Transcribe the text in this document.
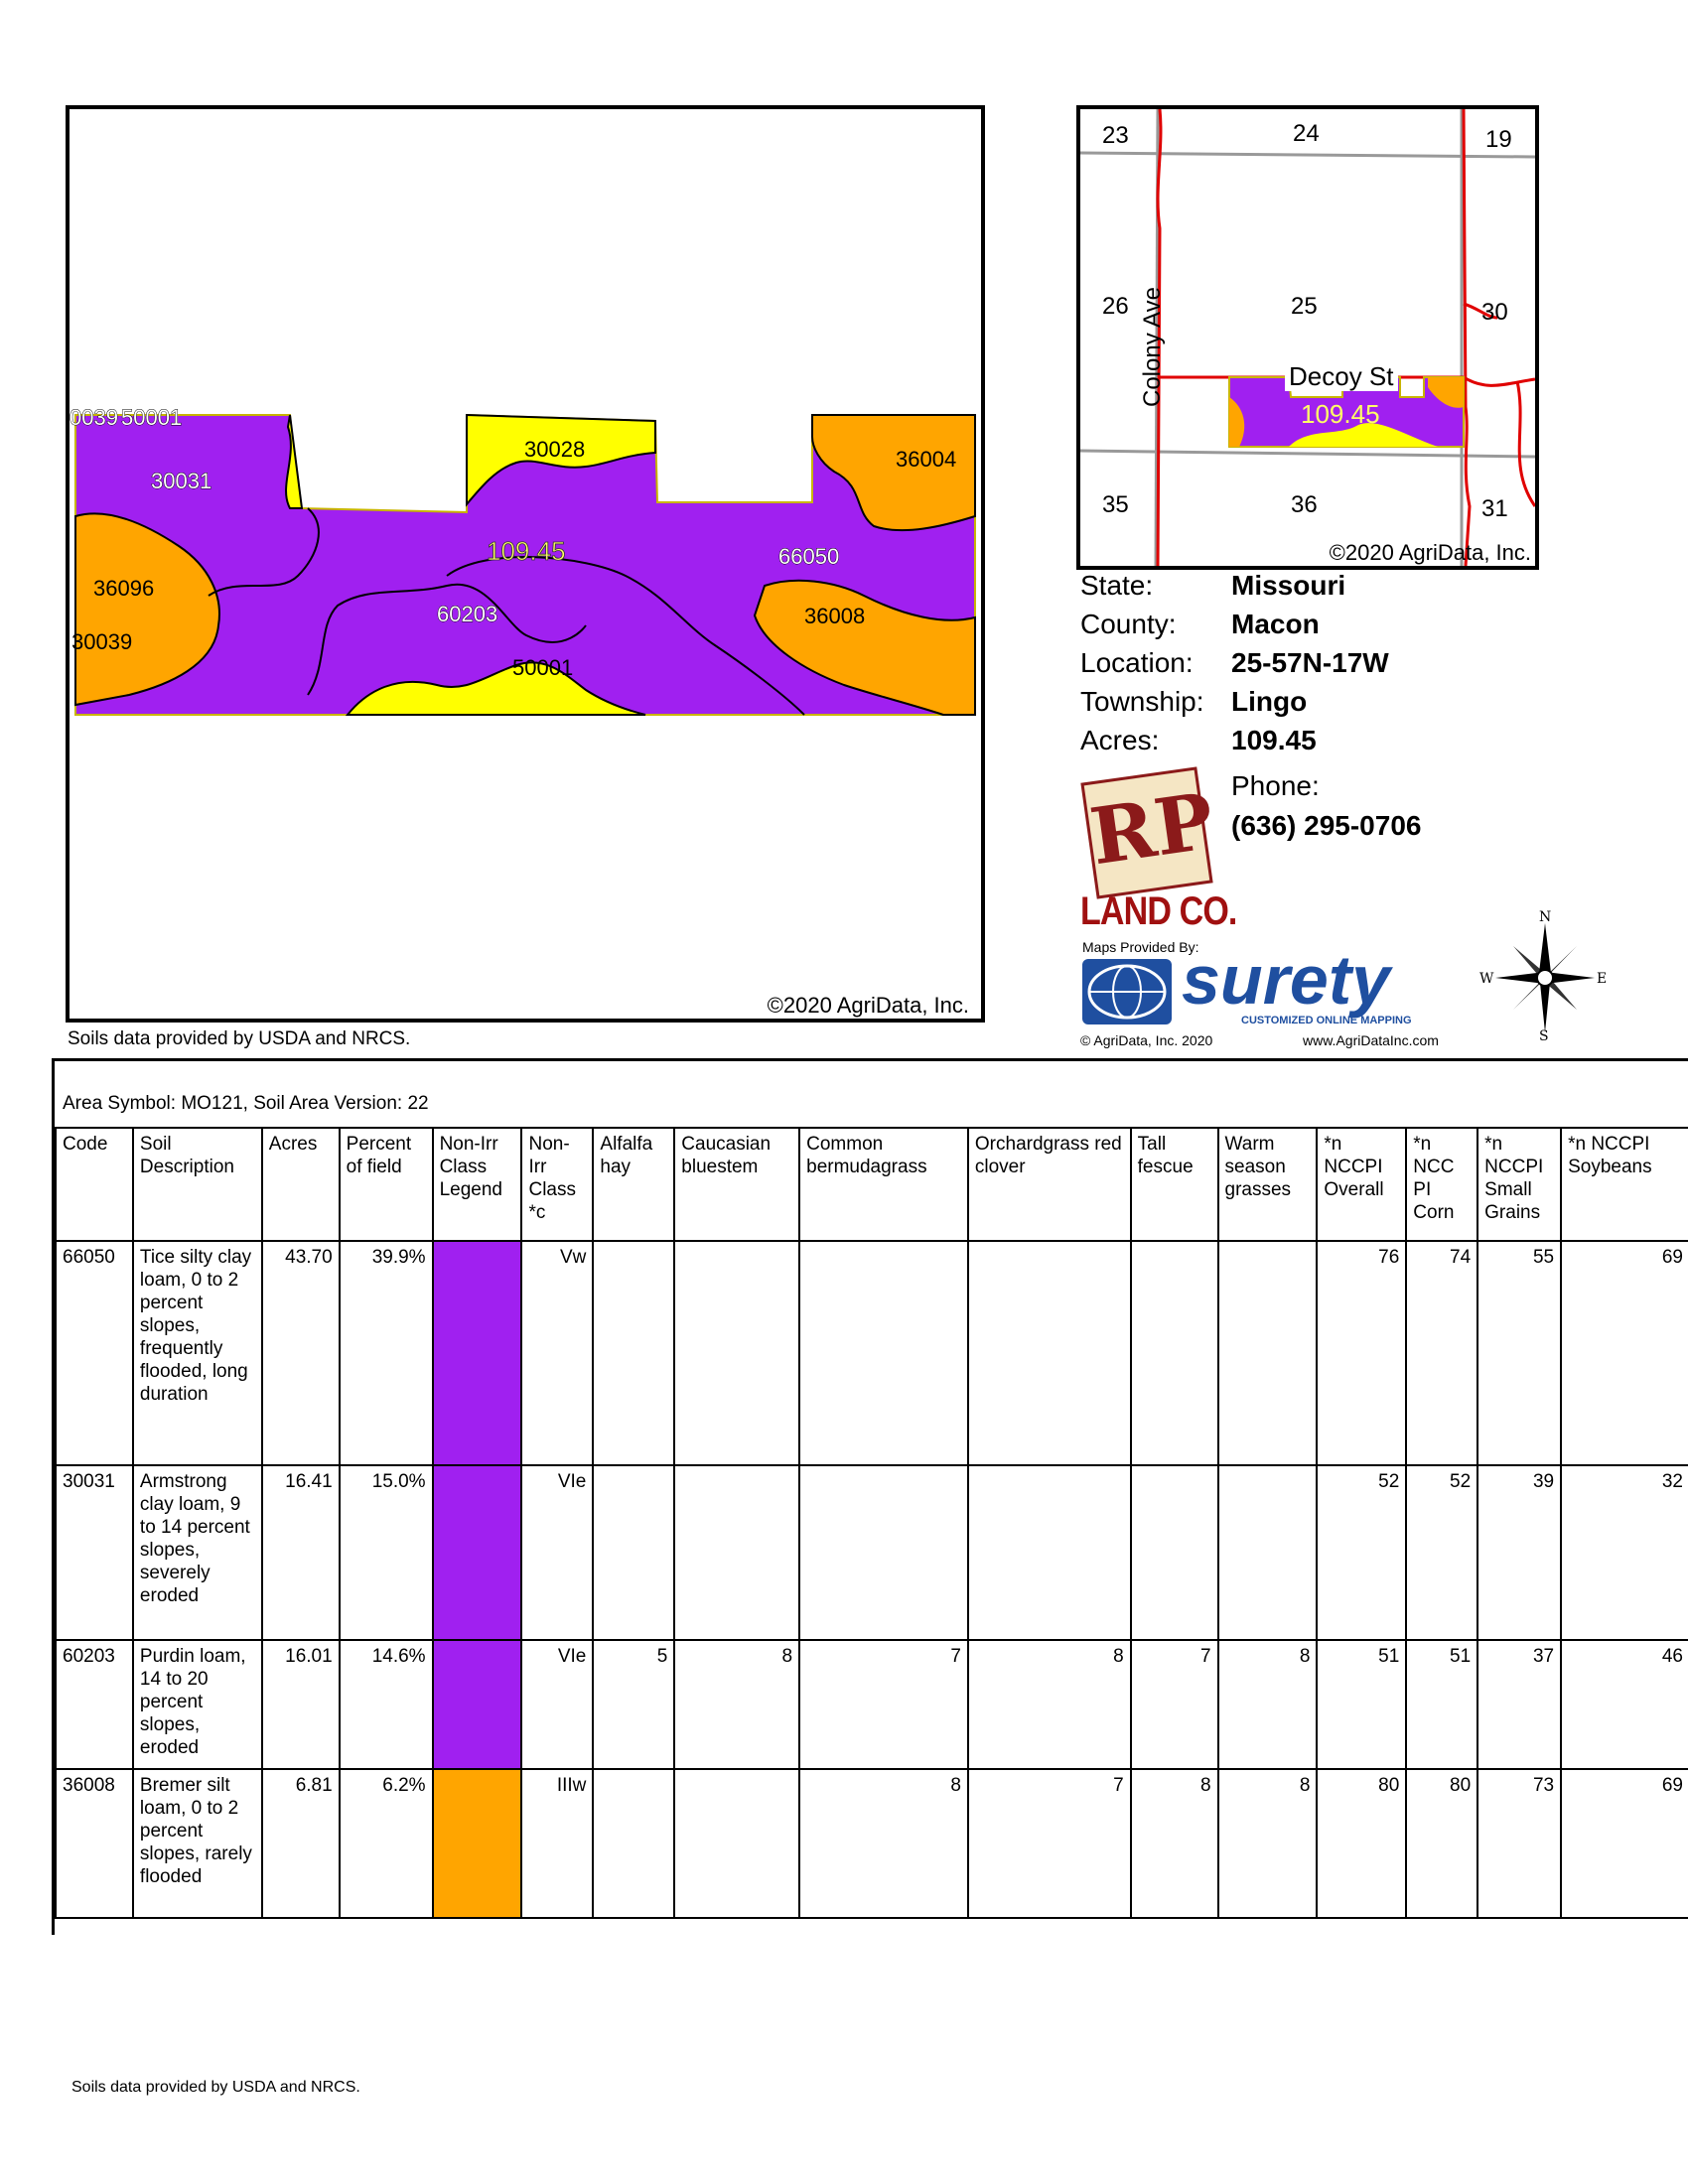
0039 50001
30031
30028	36004
36096
109.45	66050
60203	36008
30039
50001
©2020 AgriData, Inc.
Soils data provided by USDA and NRCS.
23	24	19
26	25	30
35	36	31
Colony Ave	Decoy St
109.45
©2020 AgriData, Inc.
State:	Missouri
County: Macon
Location: 25-57N-17W
Township: Lingo
Acres:	109.45
Phone:
(636) 295-0706
RP
LAND CO.
Maps Provided By:
surety
CUSTOMIZED ONLINE MAPPING
© AgriData, Inc. 2020	www.AgriDataInc.com
N
S
E
W
Area Symbol: MO121, Soil Area Version: 22
Code	Soil Description	Acres	Percent of field	Non-Irr Class Legend	Non-Irr Class *c	Alfalfa hay	Caucasian bluestem	Common bermudagrass	Orchardgrass red clover	Tall fescue	Warm season grasses	*n NCCPI Overall	*n NCC PI Corn	*n NCCPI Small Grains	*n NCCPI Soybeans
66050	Tice silty clay loam, 0 to 2 percent slopes, frequently flooded, long duration	43.70	39.9%		Vw							76	74	55	69
30031	Armstrong clay loam, 9 to 14 percent slopes, severely eroded	16.41	15.0%		VIe							52	52	39	32
60203	Purdin loam, 14 to 20 percent slopes, eroded	16.01	14.6%		VIe	5	8	7	8	7	8	51	51	37	46
36008	Bremer silt loam, 0 to 2 percent slopes, rarely flooded	6.81	6.2%		IIIw			8	7	8	8	80	80	73	69
Soils data provided by USDA and NRCS.
